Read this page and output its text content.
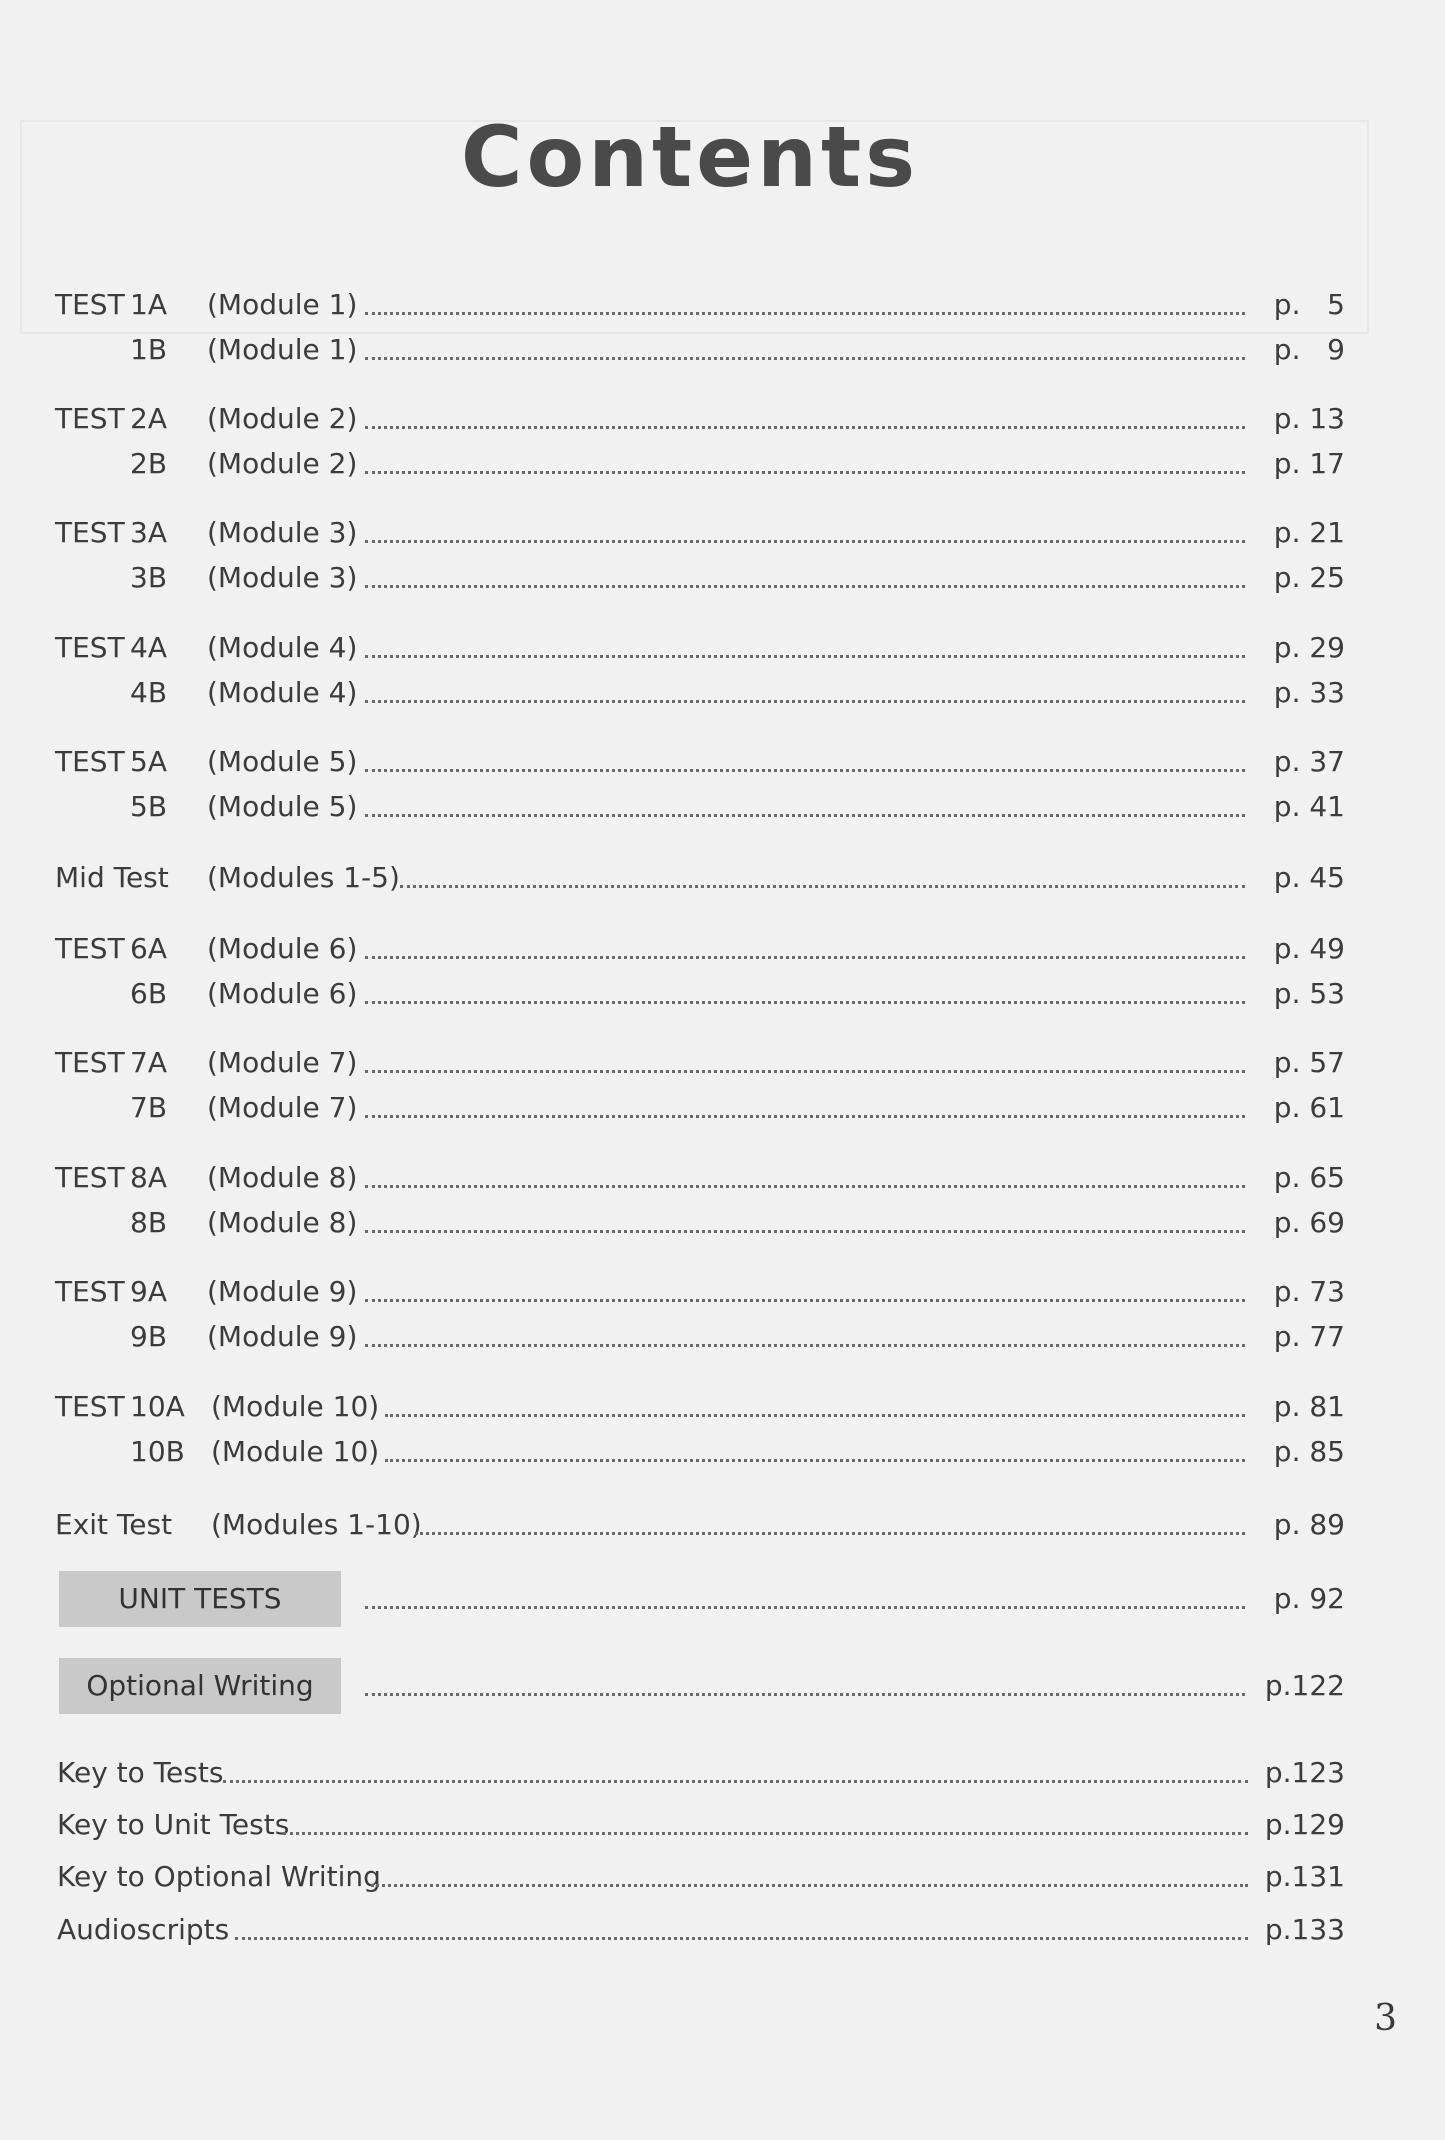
Contents
TEST 1A (Module 1)	p.   5
1B (Module 1)	p.   9
TEST 2A (Module 2)	p. 13
2B (Module 2)	p. 17
TEST 3A (Module 3)	p. 21
3B (Module 3)	p. 25
TEST 4A (Module 4)	p. 29
4B (Module 4)	p. 33
TEST 5A (Module 5)	p. 37
5B (Module 5)	p. 41
Mid Test (Modules 1-5)	p. 45
TEST 6A (Module 6)	p. 49
6B (Module 6)	p. 53
TEST 7A (Module 7)	p. 57
7B (Module 7)	p. 61
TEST 8A (Module 8)	p. 65
8B (Module 8)	p. 69
TEST 9A (Module 9)	p. 73
9B (Module 9)	p. 77
TEST 10A (Module 10)	p. 81
10B (Module 10)	p. 85
Exit Test (Modules 1-10)	p. 89
UNIT TESTS	p. 92
Optional Writing	p.122
Key to Tests	p.123
Key to Unit Tests	p.129
Key to Optional Writing	p.131
Audioscripts	p.133
3
